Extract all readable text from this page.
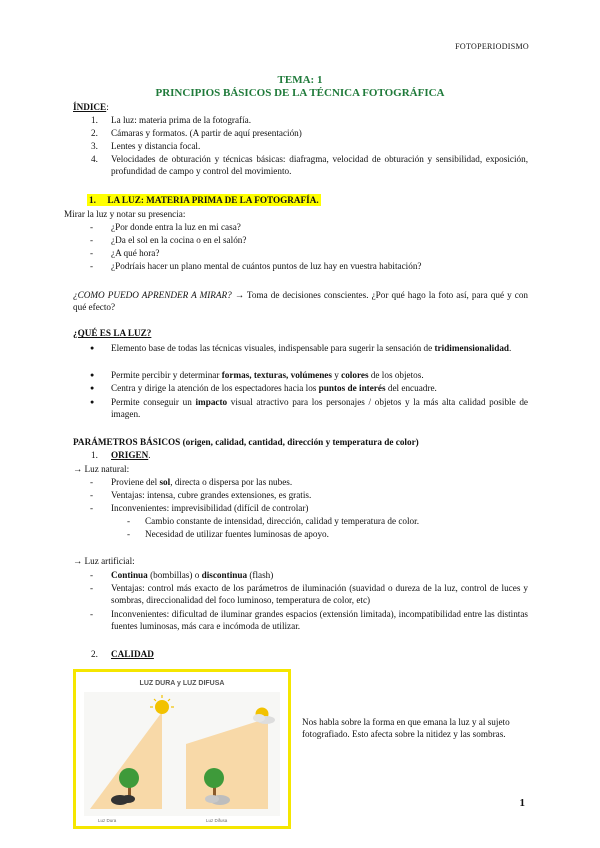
FOTOPERIODISMO
TEMA: 1
PRINCIPIOS BÁSICOS DE LA TÉCNICA FOTOGRÁFICA
ÍNDICE:
1. La luz: materia prima de la fotografía.
2. Cámaras y formatos. (A partir de aquí presentación)
3. Lentes y distancia focal.
4. Velocidades de obturación y técnicas básicas: diafragma, velocidad de obturación y sensibilidad, exposición, profundidad de campo y control del movimiento.
1. LA LUZ: MATERIA PRIMA DE LA FOTOGRAFÍA.
Mirar la luz y notar su presencia:
- ¿Por donde entra la luz en mi casa?
- ¿Da el sol en la cocina o en el salón?
- ¿A qué hora?
- ¿Podríais hacer un plano mental de cuántos puntos de luz hay en vuestra habitación?
¿COMO PUEDO APRENDER A MIRAR? → Toma de decisiones conscientes. ¿Por qué hago la foto así, para qué y con qué efecto?
¿QUÉ ES LA LUZ?
● Elemento base de todas las técnicas visuales, indispensable para sugerir la sensación de tridimensionalidad.
● Permite percibir y determinar formas, texturas, volúmenes y colores de los objetos.
● Centra y dirige la atención de los espectadores hacia los puntos de interés del encuadre.
● Permite conseguir un impacto visual atractivo para los personajes / objetos y la más alta calidad posible de imagen.
PARÁMETROS BÁSICOS (origen, calidad, cantidad, dirección y temperatura de color)
1. ORIGEN.
→ Luz natural:
- Proviene del sol, directa o dispersa por las nubes.
- Ventajas: intensa, cubre grandes extensiones, es gratis.
- Inconvenientes: imprevisibilidad (difícil de controlar)
- Cambio constante de intensidad, dirección, calidad y temperatura de color.
- Necesidad de utilizar fuentes luminosas de apoyo.
→ Luz artificial:
- Continua (bombillas) o discontinua (flash)
- Ventajas: control más exacto de los parámetros de iluminación (suavidad o dureza de la luz, control de luces y sombras, direccionalidad del foco luminoso, temperatura de color, etc)
- Inconvenientes: dificultad de iluminar grandes espacios (extensión limitada), incompatibilidad entre las distintas fuentes luminosas, más cara e incómoda de utilizar.
2. CALIDAD
LUZ DURA y LUZ DIFUSA
Luz Dura	Luz Difusa
Nos habla sobre la forma en que emana la luz y al sujeto fotografiado. Esto afecta sobre la nitidez y las sombras.
1
